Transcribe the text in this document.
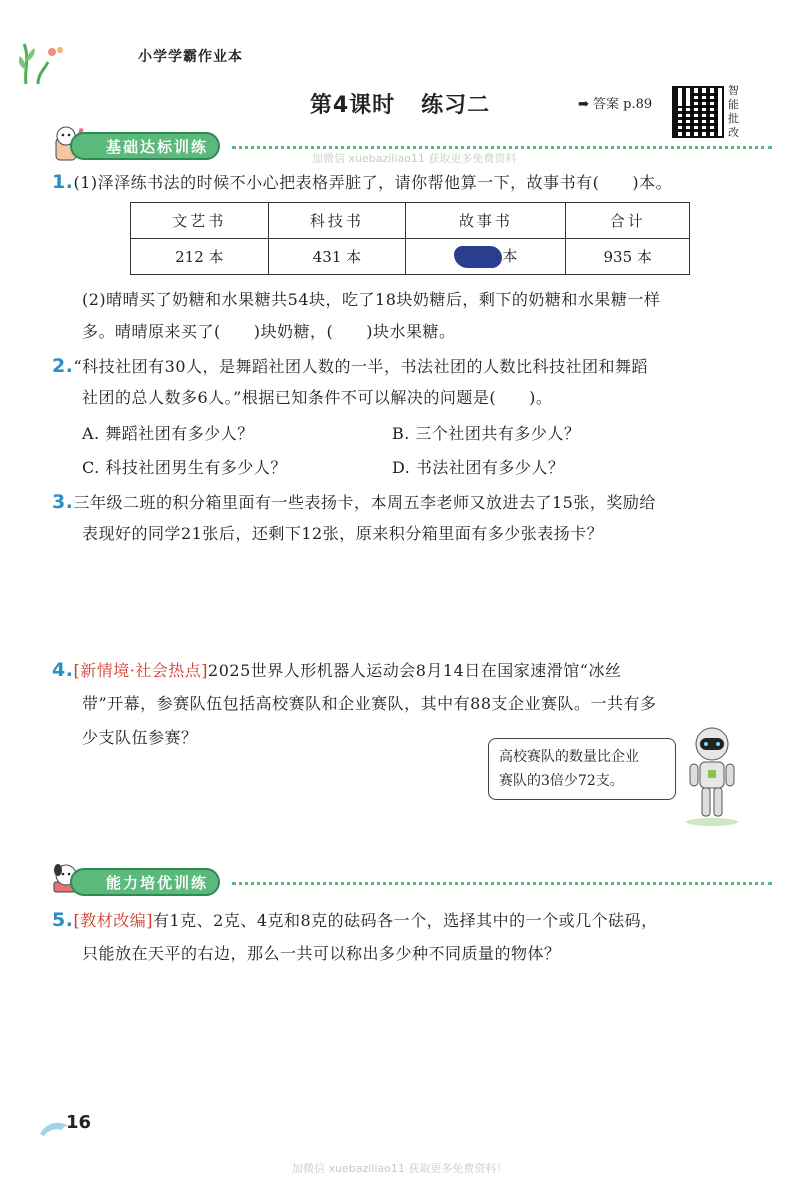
小学学霸作业本
第4课时 练习二	➡ 答案 p.89
智能批改
基础达标训练
加微信 xuebaziliao11 获取更多免费资料
1.(1)泽泽练书法的时候不小心把表格弄脏了，请你帮他算一下，故事书有(　　)本。
文艺书	科技书	故事书	合计
212 本	431 本	本	935 本
(2)晴晴买了奶糖和水果糖共54块，吃了18块奶糖后，剩下的奶糖和水果糖一样
多。晴晴原来买了(　　)块奶糖，(　　)块水果糖。
2.“科技社团有30人，是舞蹈社团人数的一半，书法社团的人数比科技社团和舞蹈
社团的总人数多6人。”根据已知条件不可以解决的问题是(　　)。
A. 舞蹈社团有多少人？	B. 三个社团共有多少人？
C. 科技社团男生有多少人？	D. 书法社团有多少人？
3.三年级二班的积分箱里面有一些表扬卡，本周五李老师又放进去了15张，奖励给
表现好的同学21张后，还剩下12张，原来积分箱里面有多少张表扬卡？
4.[新情境·社会热点]2025世界人形机器人运动会8月14日在国家速滑馆“冰丝
带”开幕，参赛队伍包括高校赛队和企业赛队，其中有88支企业赛队。一共有多
少支队伍参赛？
高校赛队的数量比企业
赛队的3倍少72支。
能力培优训练
5.[教材改编]有1克、2克、4克和8克的砝码各一个，选择其中的一个或几个砝码，
只能放在天平的右边，那么一共可以称出多少种不同质量的物体？
16
加微信 xuebaziliao11 获取更多免费资料！
